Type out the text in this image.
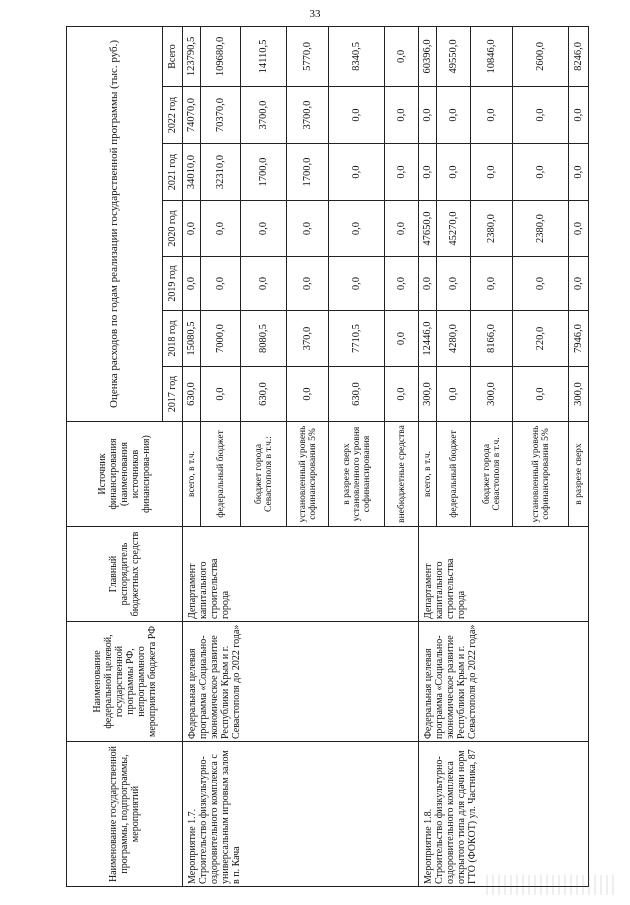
33
Наименование государственной программы, подпрограммы, мероприятий	Наименование федеральной целевой, государственной программы РФ, непрограммного мероприятия бюджета РФ	Главный распорядитель бюджетных средств	Источник финансирования (наименования источников финансирова-ния)	Оценка расходов по годам реализации государственной программы (тыс. руб.)						
				2017 год	2018 год	2019 год	2020 год	2021 год	2022 год	Всего
Мероприятие 1.7. Строительство физкультурно-оздоровительного комплекса с универсальным игровым залом в п. Кача	Федеральная целевая программа «Социально-экономическое развитие Республики Крым и г. Севастополя до 2022 года»	Департамент капитального строительства города	всего, в т.ч.	630,0	15080,5	0,0	0,0	34010,0	74070,0	123790,5
			федеральный бюджет	0,0	7000,0	0,0	0,0	32310,0	70370,0	109680,0
			бюджет города Севастополя в т.ч.:	630,0	8080,5	0,0	0,0	1700,0	3700,0	14110,5
			установленный уровень софинансирования 5%	0,0	370,0	0,0	0,0	1700,0	3700,0	5770,0
			в разрезе сверх установленного уровня софинансирования	630,0	7710,5	0,0	0,0	0,0	0,0	8340,5
			внебюджетные средства	0,0	0,0	0,0	0,0	0,0	0,0	0,0
Мероприятие 1.8. Строительство физкультурно-оздоровительного комплекса открытого типа для сдачи норм ГТО (ФОКОТ) ул. Частника, 87	Федеральная целевая программа «Социально-экономическое развитие Республики Крым и г. Севастополя до 2022 года»	Департамент капитального строительства города	всего, в т.ч.	300,0	12446,0	0,0	47650,0	0,0	0,0	60396,0
			федеральный бюджет	0,0	4280,0	0,0	45270,0	0,0	0,0	49550,0
			бюджет города Севастополя в т.ч.	300,0	8166,0	0,0	2380,0	0,0	0,0	10846,0
			установленный уровень софинансирования 5%	0,0	220,0	0,0	2380,0	0,0	0,0	2600,0
			в разрезе сверх	300,0	7946,0	0,0	0,0	0,0	0,0	8246,0
